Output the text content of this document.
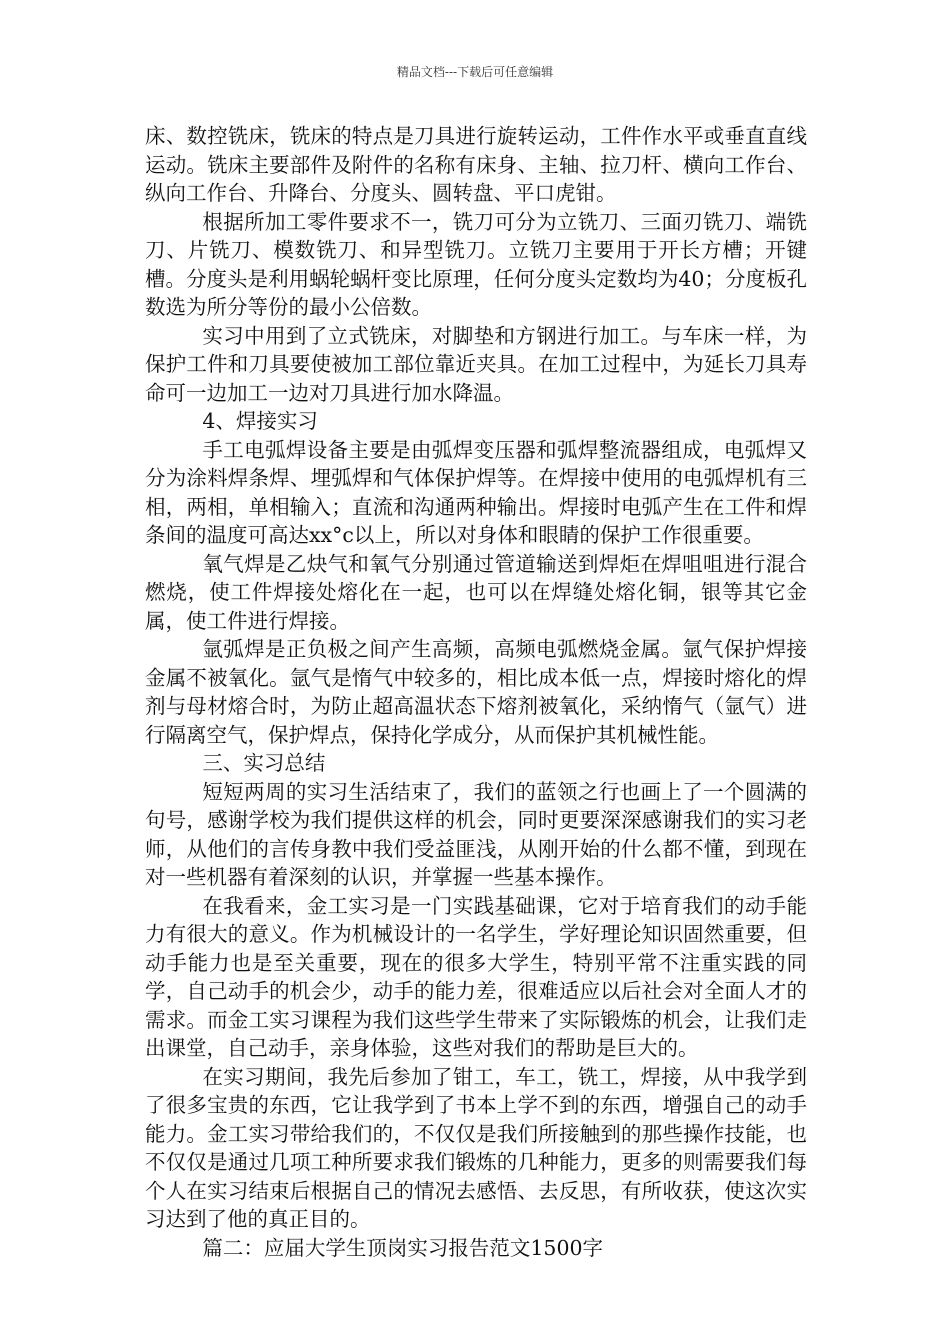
精品文档---下载后可任意编辑

床、数控铣床，铣床的特点是刀具进行旋转运动，工件作水平或垂直直线运动。铣床主要部件及附件的名称有床身、主轴、拉刀杆、横向工作台、纵向工作台、升降台、分度头、圆转盘、平口虎钳。

根据所加工零件要求不一，铣刀可分为立铣刀、三面刃铣刀、端铣刀、片铣刀、模数铣刀、和异型铣刀。立铣刀主要用于开长方槽；开键槽。分度头是利用蜗轮蜗杆变比原理，任何分度头定数均为40；分度板孔数选为所分等份的最小公倍数。

实习中用到了立式铣床，对脚垫和方钢进行加工。与车床一样，为保护工件和刀具要使被加工部位靠近夹具。在加工过程中，为延长刀具寿命可一边加工一边对刀具进行加水降温。

4、焊接实习

手工电弧焊设备主要是由弧焊变压器和弧焊整流器组成，电弧焊又分为涂料焊条焊、埋弧焊和气体保护焊等。在焊接中使用的电弧焊机有三相，两相，单相输入；直流和沟通两种输出。焊接时电弧产生在工件和焊条间的温度可高达xx°c以上，所以对身体和眼睛的保护工作很重要。

氧气焊是乙炔气和氧气分别通过管道输送到焊炬在焊咀咀进行混合燃烧，使工件焊接处熔化在一起，也可以在焊缝处熔化铜，银等其它金属，使工件进行焊接。

氩弧焊是正负极之间产生高频，高频电弧燃烧金属。氩气保护焊接金属不被氧化。氩气是惰气中较多的，相比成本低一点，焊接时熔化的焊剂与母材熔合时，为防止超高温状态下熔剂被氧化，采纳惰气（氩气）进行隔离空气，保护焊点，保持化学成分，从而保护其机械性能。

三、实习总结

短短两周的实习生活结束了，我们的蓝领之行也画上了一个圆满的句号，感谢学校为我们提供这样的机会，同时更要深深感谢我们的实习老师，从他们的言传身教中我们受益匪浅，从刚开始的什么都不懂，到现在对一些机器有着深刻的认识，并掌握一些基本操作。

在我看来，金工实习是一门实践基础课，它对于培育我们的动手能力有很大的意义。作为机械设计的一名学生，学好理论知识固然重要，但动手能力也是至关重要，现在的很多大学生，特别平常不注重实践的同学，自己动手的机会少，动手的能力差，很难适应以后社会对全面人才的需求。而金工实习课程为我们这些学生带来了实际锻炼的机会，让我们走出课堂，自己动手，亲身体验，这些对我们的帮助是巨大的。

在实习期间，我先后参加了钳工，车工，铣工，焊接，从中我学到了很多宝贵的东西，它让我学到了书本上学不到的东西，增强自己的动手能力。金工实习带给我们的，不仅仅是我们所接触到的那些操作技能，也不仅仅是通过几项工种所要求我们锻炼的几种能力，更多的则需要我们每个人在实习结束后根据自己的情况去感悟、去反思，有所收获，使这次实习达到了他的真正目的。

篇二：应届大学生顶岗实习报告范文1500字
